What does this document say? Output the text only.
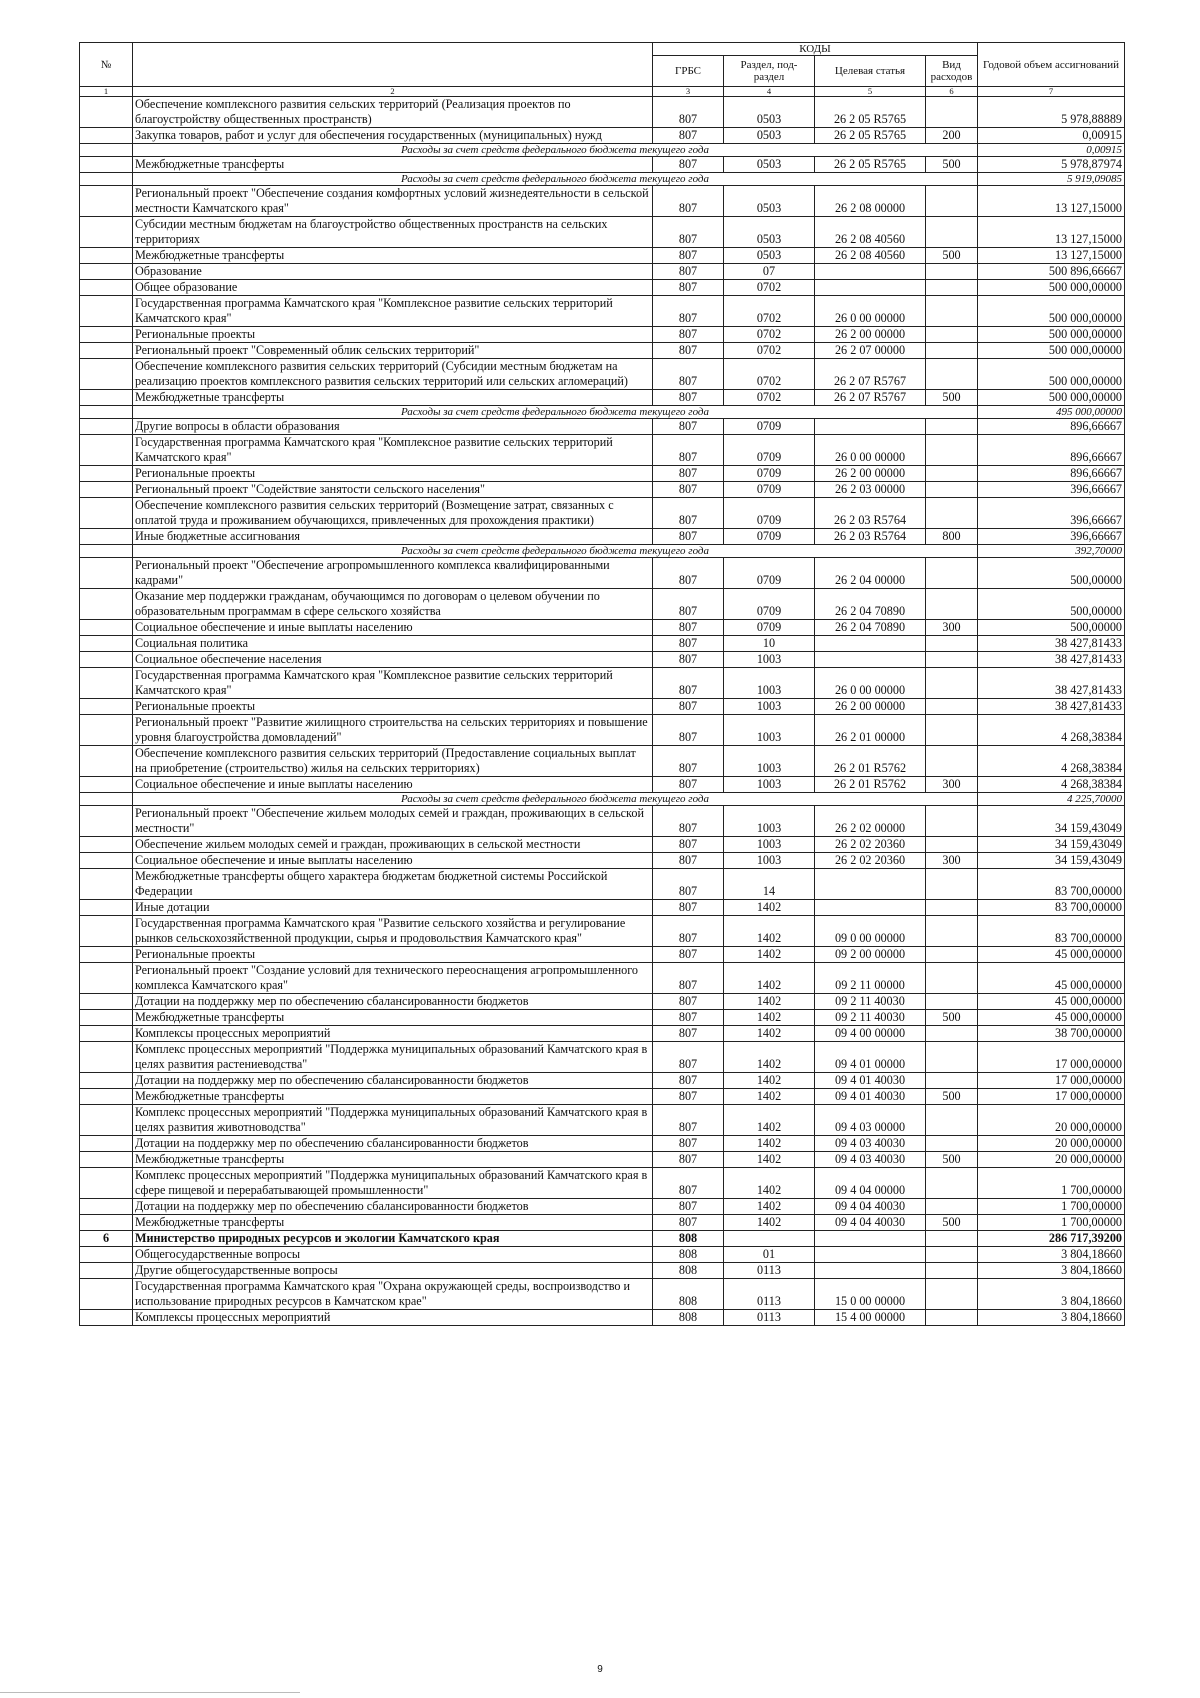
№		КОДЫ				Годовой объем ассигнований
		ГРБС	Раздел, под-раздел	Целевая статья	Вид расходов	
1	2	3	4	5	6	7
	Обеспечение комплексного развития сельских территорий (Реализация проектов по благоустройству общественных пространств)	807	0503	26 2 05 R5765		5 978,88889
	Закупка товаров, работ и услуг для обеспечения государственных (муниципальных) нужд	807	0503	26 2 05 R5765	200	0,00915
	Расходы за счет средств федерального бюджета текущего года					0,00915
	Межбюджетные трансферты	807	0503	26 2 05 R5765	500	5 978,87974
	Расходы за счет средств федерального бюджета текущего года					5 919,09085
	Региональный проект "Обеспечение создания комфортных условий жизнедеятельности в сельской местности Камчатского края"	807	0503	26 2 08 00000		13 127,15000
	Субсидии местным бюджетам на благоустройство общественных пространств на сельских территориях	807	0503	26 2 08 40560		13 127,15000
	Межбюджетные трансферты	807	0503	26 2 08 40560	500	13 127,15000
	Образование	807	07			500 896,66667
	Общее образование	807	0702			500 000,00000
	Государственная программа Камчатского края "Комплексное развитие сельских территорий Камчатского края"	807	0702	26 0 00 00000		500 000,00000
	Региональные проекты	807	0702	26 2 00 00000		500 000,00000
	Региональный проект "Современный облик сельских территорий"	807	0702	26 2 07 00000		500 000,00000
	Обеспечение комплексного развития сельских территорий (Субсидии местным бюджетам на реализацию проектов комплексного развития сельских территорий или сельских агломераций)	807	0702	26 2 07 R5767		500 000,00000
	Межбюджетные трансферты	807	0702	26 2 07 R5767	500	500 000,00000
	Расходы за счет средств федерального бюджета текущего года					495 000,00000
	Другие вопросы в области образования	807	0709			896,66667
	Государственная программа Камчатского края "Комплексное развитие сельских территорий Камчатского края"	807	0709	26 0 00 00000		896,66667
	Региональные проекты	807	0709	26 2 00 00000		896,66667
	Региональный проект "Содействие занятости сельского населения"	807	0709	26 2 03 00000		396,66667
	Обеспечение комплексного развития сельских территорий (Возмещение затрат, связанных с оплатой труда и проживанием обучающихся, привлеченных для прохождения практики)	807	0709	26 2 03 R5764		396,66667
	Иные бюджетные ассигнования	807	0709	26 2 03 R5764	800	396,66667
	Расходы за счет средств федерального бюджета текущего года					392,70000
	Региональный проект "Обеспечение агропромышленного комплекса квалифицированными кадрами"	807	0709	26 2 04 00000		500,00000
	Оказание мер поддержки гражданам, обучающимся по договорам о целевом обучении по образовательным программам в сфере сельского хозяйства	807	0709	26 2 04 70890		500,00000
	Социальное обеспечение и иные выплаты населению	807	0709	26 2 04 70890	300	500,00000
	Социальная политика	807	10			38 427,81433
	Социальное обеспечение населения	807	1003			38 427,81433
	Государственная программа Камчатского края "Комплексное развитие сельских территорий Камчатского края"	807	1003	26 0 00 00000		38 427,81433
	Региональные проекты	807	1003	26 2 00 00000		38 427,81433
	Региональный проект "Развитие жилищного строительства на сельских территориях и повышение уровня благоустройства домовладений"	807	1003	26 2 01 00000		4 268,38384
	Обеспечение комплексного развития сельских территорий (Предоставление социальных выплат на приобретение (строительство) жилья на сельских территориях)	807	1003	26 2 01 R5762		4 268,38384
	Социальное обеспечение и иные выплаты населению	807	1003	26 2 01 R5762	300	4 268,38384
	Расходы за счет средств федерального бюджета текущего года					4 225,70000
	Региональный проект "Обеспечение жильем молодых семей и граждан, проживающих в сельской местности"	807	1003	26 2 02 00000		34 159,43049
	Обеспечение жильем молодых семей и граждан, проживающих в сельской местности	807	1003	26 2 02 20360		34 159,43049
	Социальное обеспечение и иные выплаты населению	807	1003	26 2 02 20360	300	34 159,43049
	Межбюджетные трансферты общего характера бюджетам бюджетной системы Российской Федерации	807	14			83 700,00000
	Иные дотации	807	1402			83 700,00000
	Государственная программа Камчатского края "Развитие сельского хозяйства и регулирование рынков сельскохозяйственной продукции, сырья и продовольствия Камчатского края"	807	1402	09 0 00 00000		83 700,00000
	Региональные проекты	807	1402	09 2 00 00000		45 000,00000
	Региональный проект "Создание условий для технического переоснащения агропромышленного комплекса Камчатского края"	807	1402	09 2 11 00000		45 000,00000
	Дотации на поддержку мер по обеспечению сбалансированности бюджетов	807	1402	09 2 11 40030		45 000,00000
	Межбюджетные трансферты	807	1402	09 2 11 40030	500	45 000,00000
	Комплексы процессных мероприятий	807	1402	09 4 00 00000		38 700,00000
	Комплекс процессных мероприятий "Поддержка муниципальных образований Камчатского края в целях развития растениеводства"	807	1402	09 4 01 00000		17 000,00000
	Дотации на поддержку мер по обеспечению сбалансированности бюджетов	807	1402	09 4 01 40030		17 000,00000
	Межбюджетные трансферты	807	1402	09 4 01 40030	500	17 000,00000
	Комплекс процессных мероприятий "Поддержка муниципальных образований Камчатского края в целях развития животноводства"	807	1402	09 4 03 00000		20 000,00000
	Дотации на поддержку мер по обеспечению сбалансированности бюджетов	807	1402	09 4 03 40030		20 000,00000
	Межбюджетные трансферты	807	1402	09 4 03 40030	500	20 000,00000
	Комплекс процессных мероприятий "Поддержка муниципальных образований Камчатского края в сфере пищевой и перерабатывающей промышленности"	807	1402	09 4 04 00000		1 700,00000
	Дотации на поддержку мер по обеспечению сбалансированности бюджетов	807	1402	09 4 04 40030		1 700,00000
	Межбюджетные трансферты	807	1402	09 4 04 40030	500	1 700,00000
6	Министерство природных ресурсов и экологии Камчатского края	808				286 717,39200
	Общегосударственные вопросы	808	01			3 804,18660
	Другие общегосударственные вопросы	808	0113			3 804,18660
	Государственная программа Камчатского края "Охрана окружающей среды, воспроизводство и использование природных ресурсов в Камчатском крае"	808	0113	15 0 00 00000		3 804,18660
	Комплексы процессных мероприятий	808	0113	15 4 00 00000		3 804,18660
9
